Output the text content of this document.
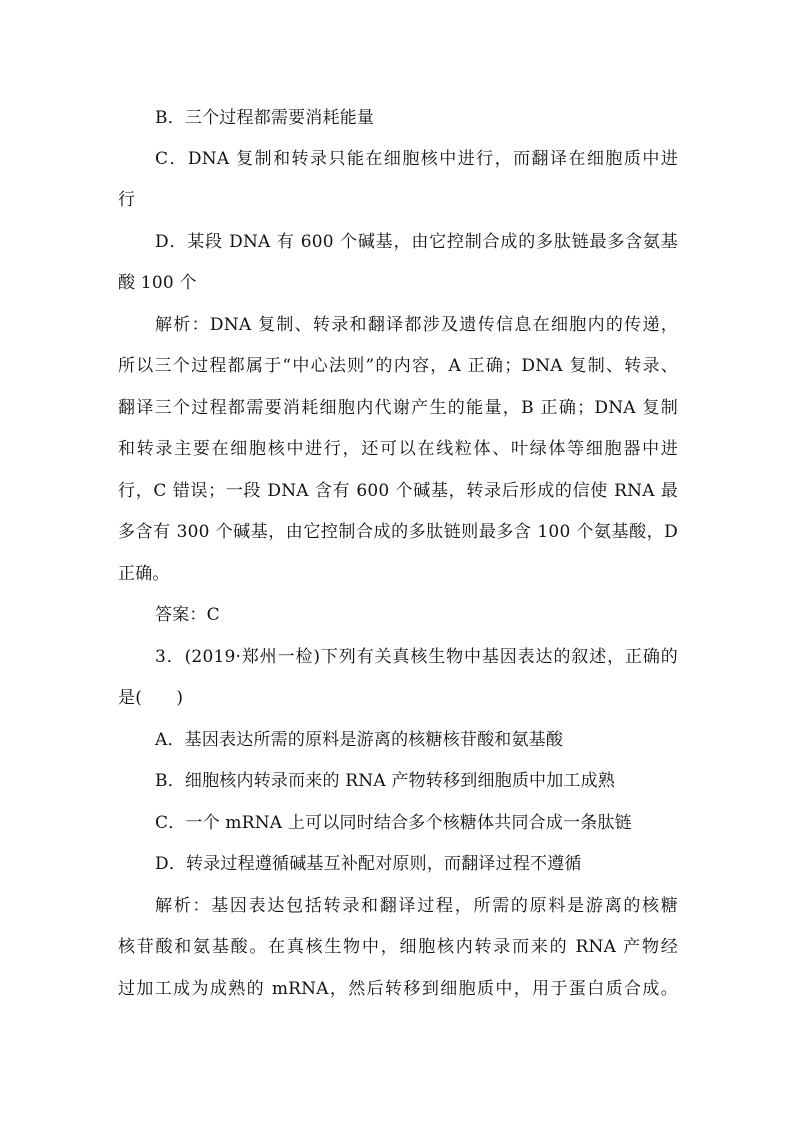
B．三个过程都需要消耗能量
C．DNA 复制和转录只能在细胞核中进行，而翻译在细胞质中进
行
D．某段 DNA 有 600 个碱基，由它控制合成的多肽链最多含氨基
酸 100 个
解析：DNA 复制、转录和翻译都涉及遗传信息在细胞内的传递，
所以三个过程都属于“中心法则”的内容，A 正确；DNA 复制、转录、
翻译三个过程都需要消耗细胞内代谢产生的能量，B 正确；DNA 复制
和转录主要在细胞核中进行，还可以在线粒体、叶绿体等细胞器中进
行，C 错误；一段 DNA 含有 600 个碱基，转录后形成的信使 RNA 最
多含有 300 个碱基，由它控制合成的多肽链则最多含 100 个氨基酸，D
正确。
答案：C
3．(2019·郑州一检)下列有关真核生物中基因表达的叙述，正确的
是(　　)
A．基因表达所需的原料是游离的核糖核苷酸和氨基酸
B．细胞核内转录而来的 RNA 产物转移到细胞质中加工成熟
C．一个 mRNA 上可以同时结合多个核糖体共同合成一条肽链
D．转录过程遵循碱基互补配对原则，而翻译过程不遵循
解析：基因表达包括转录和翻译过程，所需的原料是游离的核糖
核苷酸和氨基酸。在真核生物中，细胞核内转录而来的 RNA 产物经
过加工成为成熟的 mRNA，然后转移到细胞质中，用于蛋白质合成。
